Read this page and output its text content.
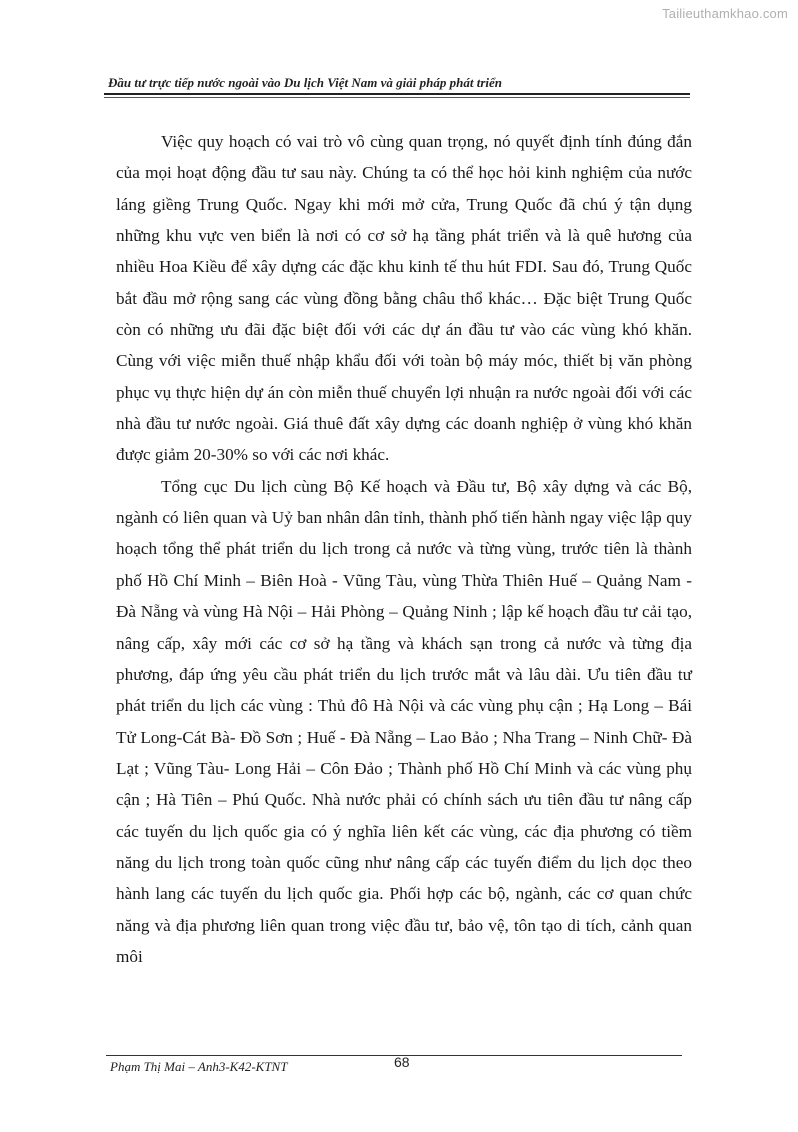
Tailieuthamkhao.com
Đầu tư trực tiếp nước ngoài vào Du lịch Việt Nam và giải pháp phát triển

Việc quy hoạch có vai trò vô cùng quan trọng, nó quyết định tính đúng đắn của mọi hoạt động đầu tư sau này. Chúng ta có thể học hỏi kinh nghiệm của nước láng giềng Trung Quốc. Ngay khi mới mở cửa, Trung Quốc đã chú ý tận dụng những khu vực ven biển là nơi có cơ sở hạ tầng phát triển và là quê hương của nhiều Hoa Kiều để xây dựng các đặc khu kinh tế thu hút FDI. Sau đó, Trung Quốc bắt đầu mở rộng sang các vùng đồng bằng châu thổ khác… Đặc biệt Trung Quốc còn có những ưu đãi đặc biệt đối với các dự án đầu tư vào các vùng khó khăn. Cùng với việc miễn thuế nhập khẩu đối với toàn bộ máy móc, thiết bị văn phòng phục vụ thực hiện dự án còn miễn thuế chuyển lợi nhuận ra nước ngoài đối với các nhà đầu tư nước ngoài. Giá thuê đất xây dựng các doanh nghiệp ở vùng khó khăn được giảm 20-30% so với các nơi khác.

Tổng cục Du lịch cùng Bộ Kế hoạch và Đầu tư, Bộ xây dựng và các Bộ, ngành có liên quan và Uỷ ban nhân dân tỉnh, thành phố tiến hành ngay việc lập quy hoạch tổng thể phát triển du lịch trong cả nước và từng vùng, trước tiên là thành phố Hồ Chí Minh – Biên Hoà - Vũng Tàu, vùng Thừa Thiên Huế – Quảng Nam - Đà Nẵng và vùng Hà Nội – Hải Phòng – Quảng Ninh ; lập kế hoạch đầu tư cải tạo, nâng cấp, xây mới các cơ sở hạ tầng và khách sạn trong cả nước và từng địa phương, đáp ứng yêu cầu phát triển du lịch trước mắt và lâu dài. Ưu tiên đầu tư phát triển du lịch các vùng : Thủ đô Hà Nội và các vùng phụ cận ; Hạ Long – Bái Tử Long-Cát Bà- Đồ Sơn ; Huế - Đà Nẵng – Lao Bảo ; Nha Trang – Ninh Chữ- Đà Lạt ; Vũng Tàu- Long Hải – Côn Đảo ; Thành phố Hồ Chí Minh và các vùng phụ cận ; Hà Tiên – Phú Quốc. Nhà nước phải có chính sách ưu tiên đầu tư nâng cấp các tuyến du lịch quốc gia có ý nghĩa liên kết các vùng, các địa phương có tiềm năng du lịch trong toàn quốc cũng như nâng cấp các tuyến điểm du lịch dọc theo hành lang các tuyến du lịch quốc gia. Phối hợp các bộ, ngành, các cơ quan chức năng và địa phương liên quan trong việc đầu tư, bảo vệ, tôn tạo di tích, cảnh quan môi

Phạm Thị Mai – Anh3-K42-KTNT	68
